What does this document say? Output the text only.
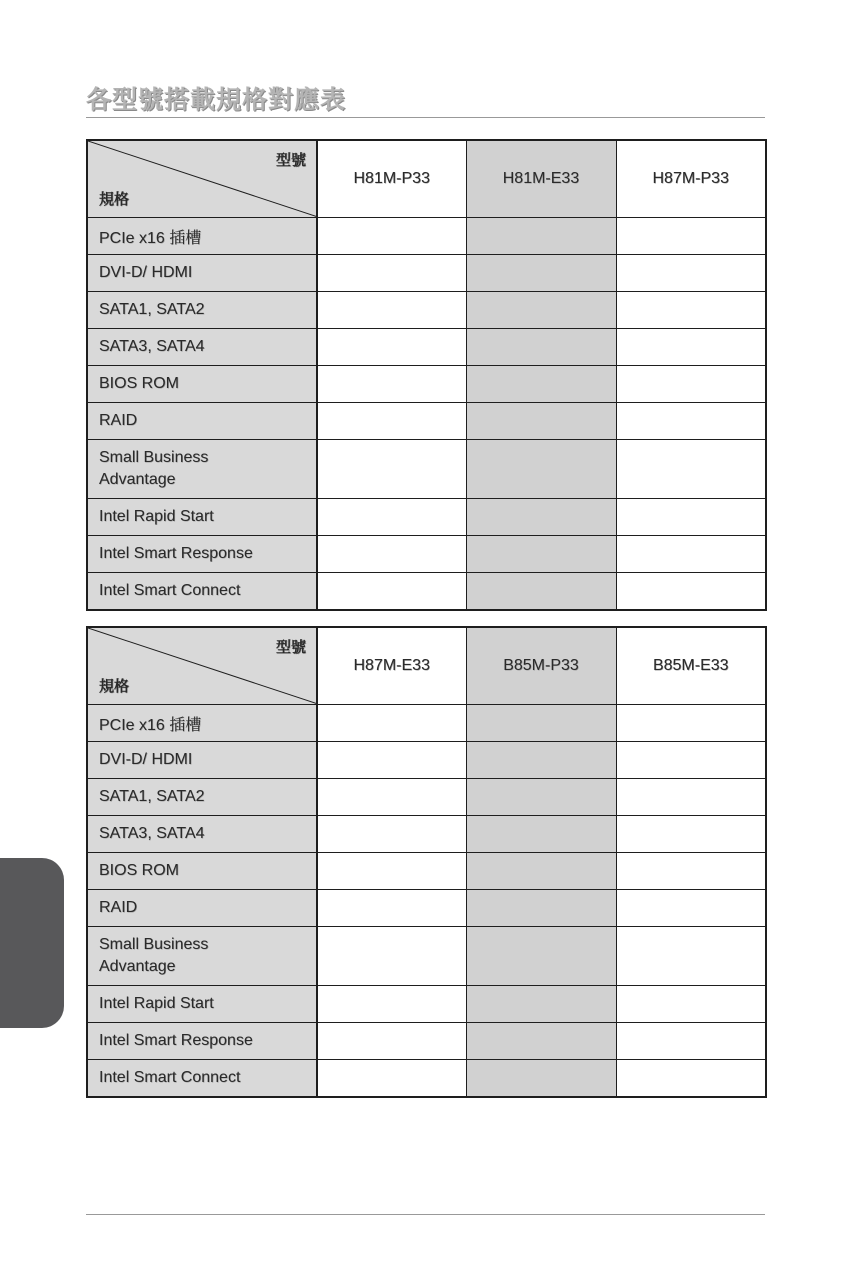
各型號搭載規格對應表
型號
規格	H81M-P33	H81M-E33	H87M-P33
PCIe x16 插槽			
DVI-D/ HDMI			
SATA1, SATA2			
SATA3, SATA4			
BIOS ROM			
RAID			

Small Business
Advantage			

Intel Rapid Start			
Intel Smart Response			
Intel Smart Connect			
型號
規格	H87M-E33	B85M-P33	B85M-E33
PCIe x16 插槽			
DVI-D/ HDMI			
SATA1, SATA2			
SATA3, SATA4			
BIOS ROM			
RAID			

Small Business
Advantage			

Intel Rapid Start			
Intel Smart Response			
Intel Smart Connect			
